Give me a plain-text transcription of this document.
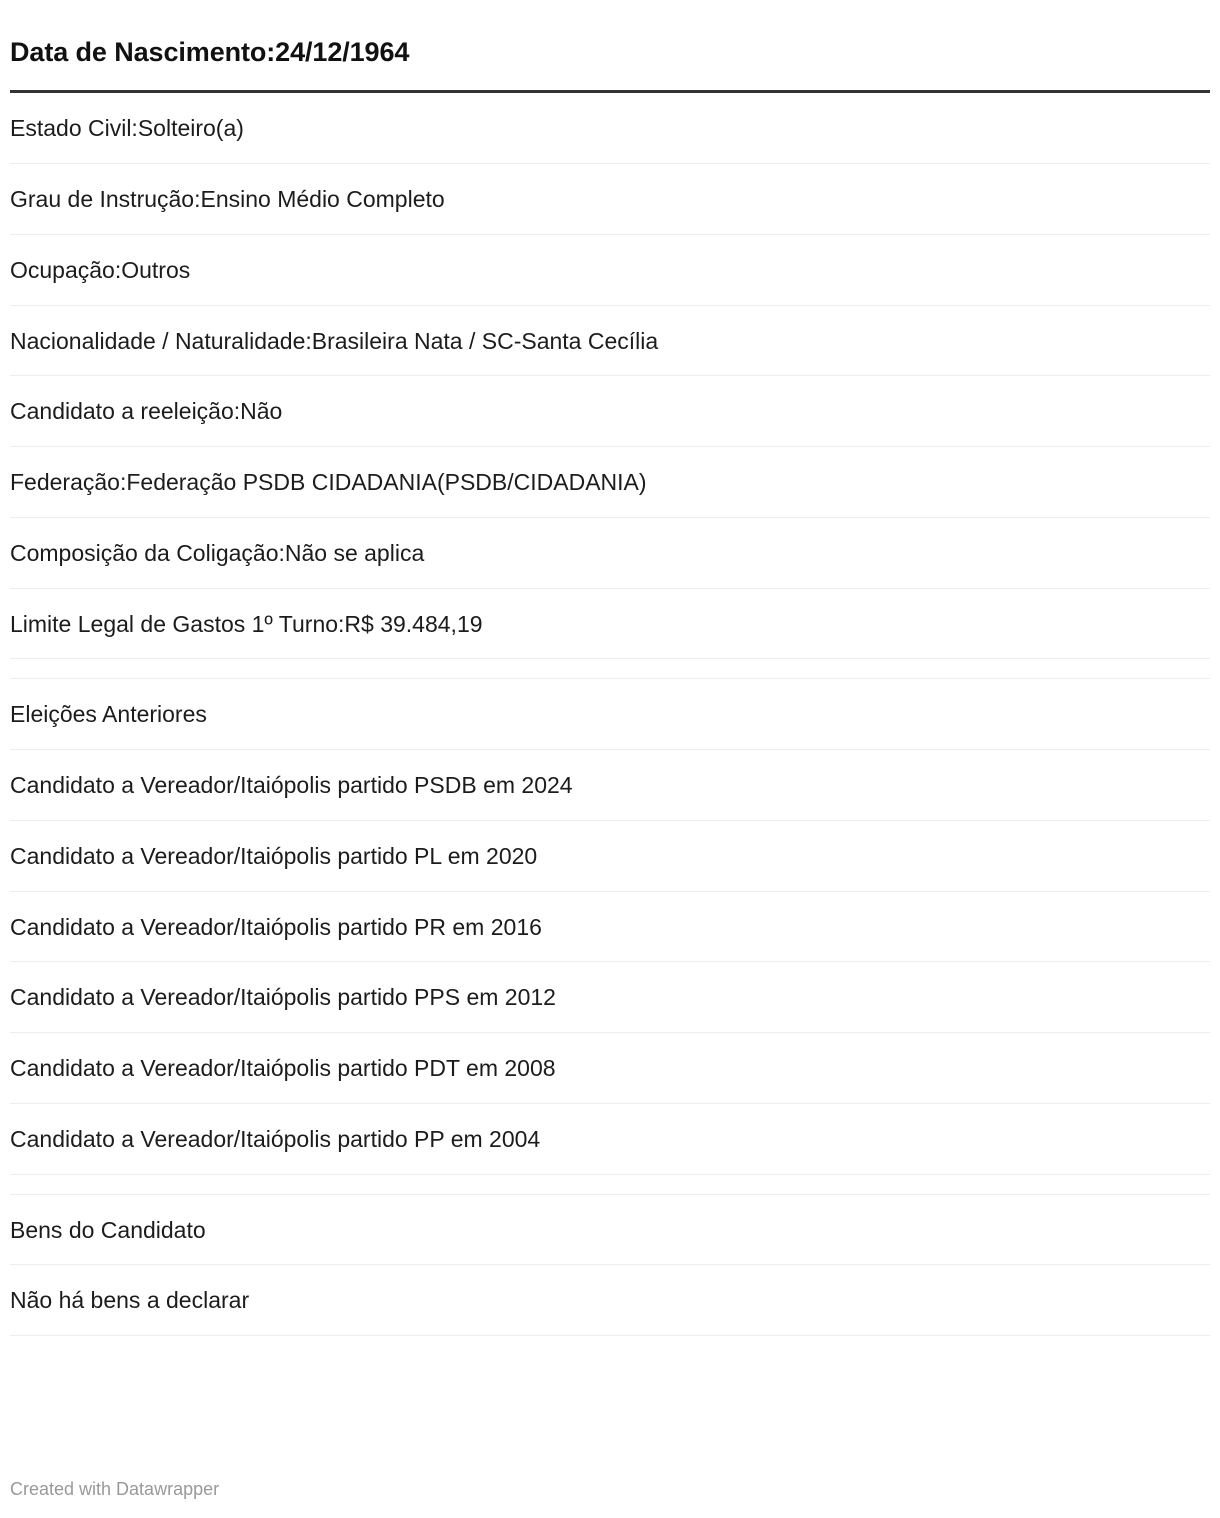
Data de Nascimento:24/12/1964
Estado Civil:Solteiro(a)
Grau de Instrução:Ensino Médio Completo
Ocupação:Outros
Nacionalidade / Naturalidade:Brasileira Nata / SC-Santa Cecília
Candidato a reeleição:Não
Federação:Federação PSDB CIDADANIA(PSDB/CIDADANIA)
Composição da Coligação:Não se aplica
Limite Legal de Gastos 1º Turno:R$ 39.484,19
Eleições Anteriores
Candidato a Vereador/Itaiópolis partido PSDB em 2024
Candidato a Vereador/Itaiópolis partido PL em 2020
Candidato a Vereador/Itaiópolis partido PR em 2016
Candidato a Vereador/Itaiópolis partido PPS em 2012
Candidato a Vereador/Itaiópolis partido PDT em 2008
Candidato a Vereador/Itaiópolis partido PP em 2004
Bens do Candidato
Não há bens a declarar
Created with Datawrapper
